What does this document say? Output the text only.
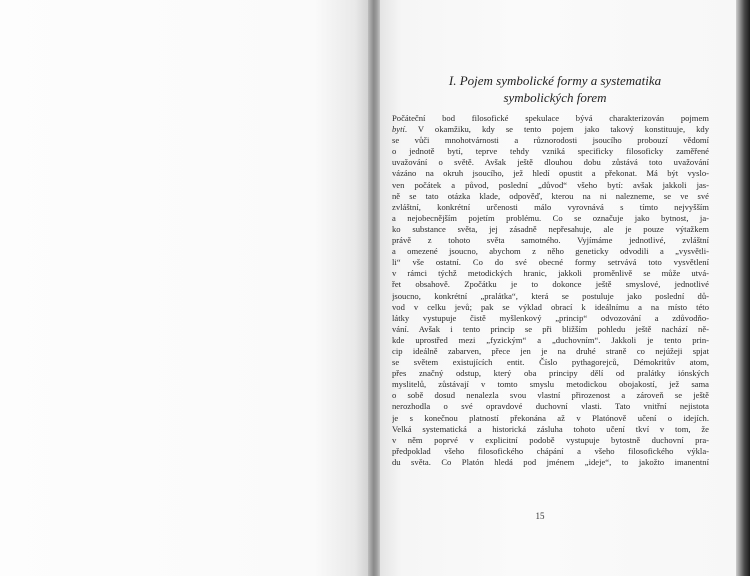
I. Pojem symbolické formy a systematika
symbolických forem
Počáteční bod filosofické spekulace bývá charakterizován pojmem
bytí. V okamžiku, kdy se tento pojem jako takový konstituuje, kdy
se vůči mnohotvárnosti a různorodosti jsoucího probouzí vědomí
o jednotě bytí, teprve tehdy vzniká specificky filosoficky zaměřené
uvažování o světě. Avšak ještě dlouhou dobu zůstává toto uvažování
vázáno na okruh jsoucího, jež hledí opustit a překonat. Má být vyslo-
ven počátek a původ, poslední „důvod“ všeho bytí: avšak jakkoli jas-
ně se tato otázka klade, odpověď, kterou na ni nalezneme, se ve své
zvláštní, konkrétní určenosti málo vyrovnává s tímto nejvyšším
a nejobecnějším pojetím problému. Co se označuje jako bytnost, ja-
ko substance světa, jej zásadně nepřesahuje, ale je pouze výtažkem
právě z tohoto světa samotného. Vyjímáme jednotlivé, zvláštní
a omezené jsoucno, abychom z něho geneticky odvodili a „vysvětli-
li“ vše ostatní. Co do své obecné formy setrvává toto vysvětlení
v rámci týchž metodických hranic, jakkoli proměnlivě se může utvá-
řet obsahově. Zpočátku je to dokonce ještě smyslové, jednotlivé
jsoucno, konkrétní „pralátka“, která se postuluje jako poslední dů-
vod v celku jevů; pak se výklad obrací k ideálnímu a na místo této
látky vystupuje čistě myšlenkový „princip“ odvozování a zdůvodňo-
vání. Avšak i tento princip se při bližším pohledu ještě nachází ně-
kde uprostřed mezi „fyzickým“ a „duchovním“. Jakkoli je tento prin-
cip ideálně zabarven, přece jen je na druhé straně co nejúžeji spjat
se světem existujících entit. Číslo pythagorejců, Démokritův atom,
přes značný odstup, který oba principy dělí od pralátky iónských
myslitelů, zůstávají v tomto smyslu metodickou obojakostí, jež sama
o sobě dosud nenalezla svou vlastní přirozenost a zároveň se ještě
nerozhodla o své opravdové duchovní vlasti. Tato vnitřní nejistota
je s konečnou platností překonána až v Platónově učení o idejích.
Velká systematická a historická zásluha tohoto učení tkví v tom, že
v něm poprvé v explicitní podobě vystupuje bytostně duchovní pra-
předpoklad všeho filosofického chápání a všeho filosofického výkla-
du světa. Co Platón hledá pod jménem „ideje“, to jakožto imanentní
15
